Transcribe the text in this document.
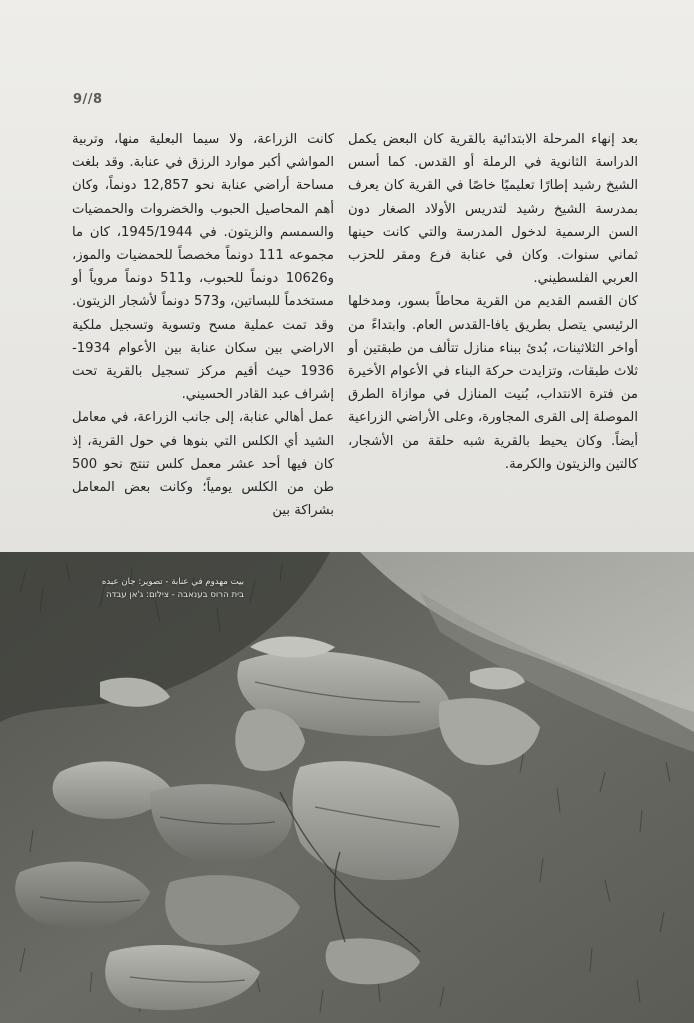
9//8

بعد إنهاء المرحلة الابتدائية بالقرية كان البعض يكمل الدراسة الثانوية في الرملة أو القدس. كما أسس الشيخ رشيد إطارًا تعليميًا خاصًا في القرية كان يعرف بمدرسة الشيخ رشيد لتدريس الأولاد الصغار دون السن الرسمية لدخول المدرسة والتي كانت حينها ثماني سنوات. وكان في عنابة فرع ومقر للحزب العربي الفلسطيني.

كان القسم القديم من القرية محاطاً بسور، ومدخلها الرئيسي يتصل بطريق يافا-القدس العام. وابتداءً من أواخر الثلاثينات، بُدئ ببناء منازل تتألف من طبقتين أو ثلاث طبقات، وتزايدت حركة البناء في الأعوام الأخيرة من فترة الانتداب، بُنيت المنازل في موازاة الطرق الموصلة إلى القرى المجاورة، وعلى الأراضي الزراعية أيضاً. وكان يحيط بالقرية شبه حلقة من الأشجار، كالتين والزيتون والكرمة.

كانت الزراعة، ولا سيما البعلية منها، وتربية المواشي أكبر موارد الرزق في عنابة. وقد بلغت مساحة أراضي عنابة نحو 12,857 دونماً، وكان أهم المحاصيل الحبوب والخضروات والحمضيات والسمسم والزيتون. في 1945/1944، كان ما مجموعه 111 دونماً مخصصاً للحمضيات والموز، و10626 دونماً للحبوب، و511 دونماً مروياً أو مستخدماً للبساتين، و573 دونماً لأشجار الزيتون. وقد تمت عملية مسح وتسوية وتسجيل ملكية الاراضي بين سكان عنابة بين الأعوام 1934-1936 حيث أقيم مركز تسجيل بالقرية تحت إشراف عبد القادر الحسيني.

عمل أهالي عنابة، إلى جانب الزراعة، في معامل الشيد أي الكلس التي بنوها في حول القرية، إذ كان فيها أحد عشر معمل كلس تنتج نحو 500 طن من الكلس يومياً؛ وكانت بعض المعامل بشراكة بين

بيت مهدوم في عنابة - تصوير: جان عبده
בית הרוס בענאבה - צילום: ג'אן עבדה
